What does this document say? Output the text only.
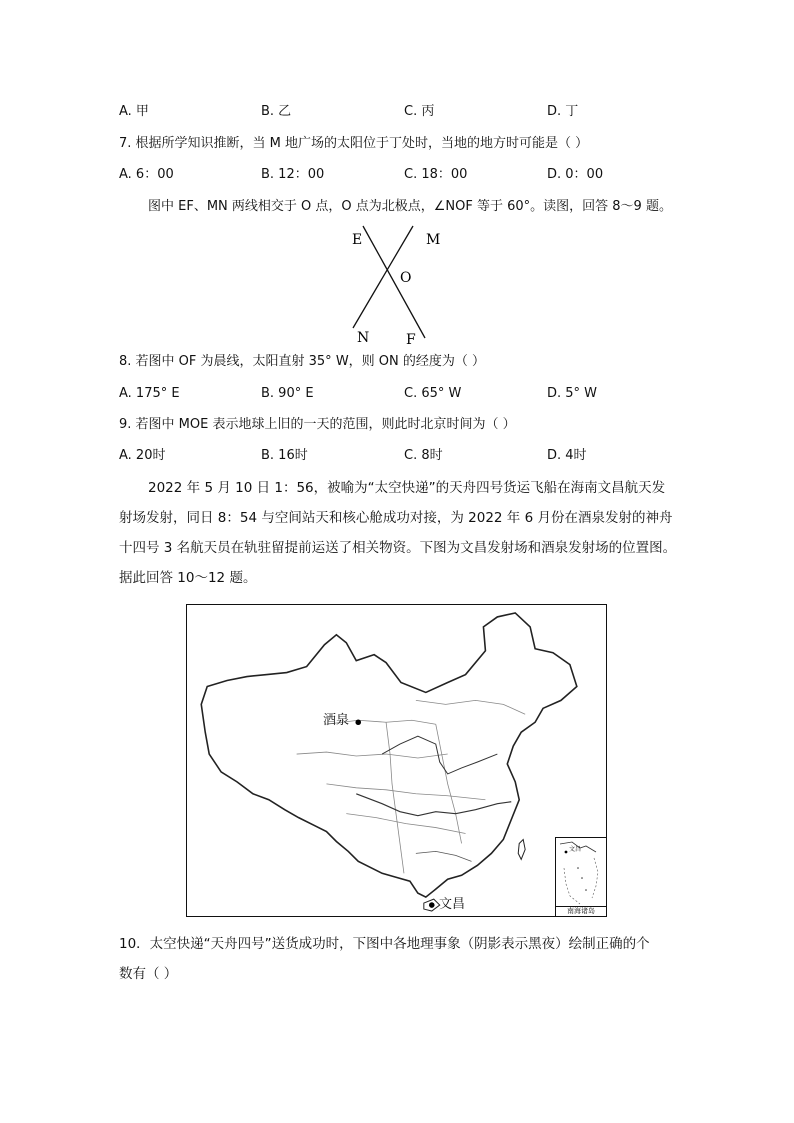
A. 甲	B. 乙	C. 丙	D. 丁
7. 根据所学知识推断，当 M 地广场的太阳位于丁处时，当地的地方时可能是（ ）
A. 6：00	B. 12：00	C. 18：00	D. 0：00
图中 EF、MN 两线相交于 O 点，O 点为北极点，∠NOF 等于 60°。读图，回答 8～9 题。
E	M
O
N	F
8. 若图中 OF 为晨线，太阳直射 35° W，则 ON 的经度为（ ）
A. 175° E	B. 90° E	C. 65° W	D. 5° W
9. 若图中 MOE 表示地球上旧的一天的范围，则此时北京时间为（ ）
A. 20时	B. 16时	C. 8时	D. 4时
2022 年 5 月 10 日 1：56，被喻为“太空快递”的天舟四号货运飞船在海南文昌航天发
射场发射，同日 8：54 与空间站天和核心舱成功对接，为 2022 年 6 月份在酒泉发射的神舟
十四号 3 名航天员在轨驻留提前运送了相关物资。下图为文昌发射场和酒泉发射场的位置图。
据此回答 10～12 题。
酒泉
文昌
文昌
南海诸岛
10．太空快递“天舟四号”送货成功时，下图中各地理事象（阴影表示黑夜）绘制正确的个
数有（ ）
